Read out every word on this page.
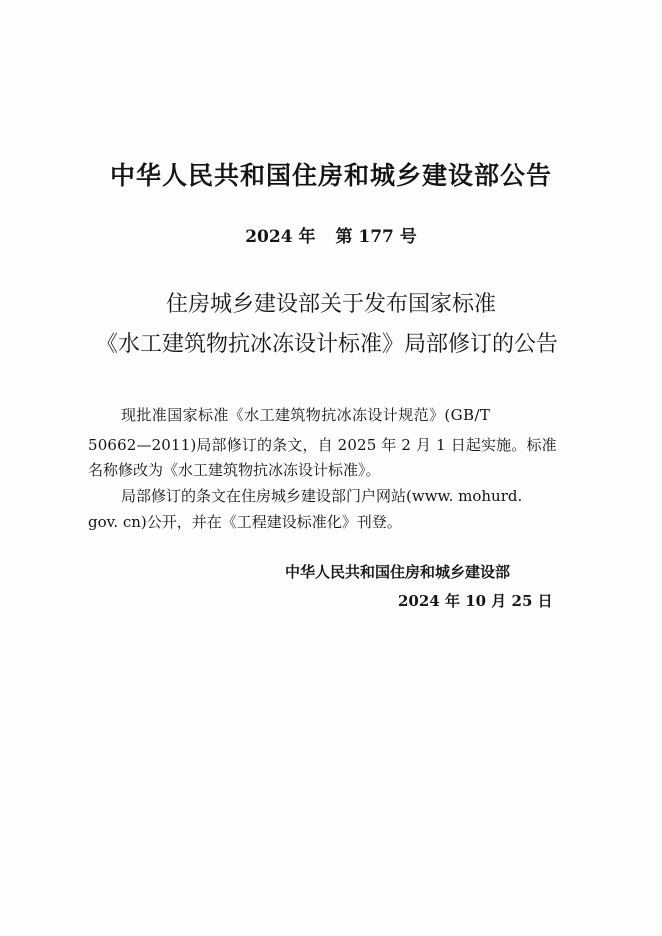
中华人民共和国住房和城乡建设部公告
2024 年 第 177 号
住房城乡建设部关于发布国家标准
《水工建筑物抗冰冻设计标准》局部修订的公告
现批准国家标准《水工建筑物抗冰冻设计规范》(GB/T
50662—2011)局部修订的条文，自 2025 年 2 月 1 日起实施。标准
名称修改为《水工建筑物抗冰冻设计标准》。
局部修订的条文在住房城乡建设部门户网站(www. mohurd.
gov. cn)公开，并在《工程建设标准化》刊登。
中华人民共和国住房和城乡建设部
2024 年 10 月 25 日
